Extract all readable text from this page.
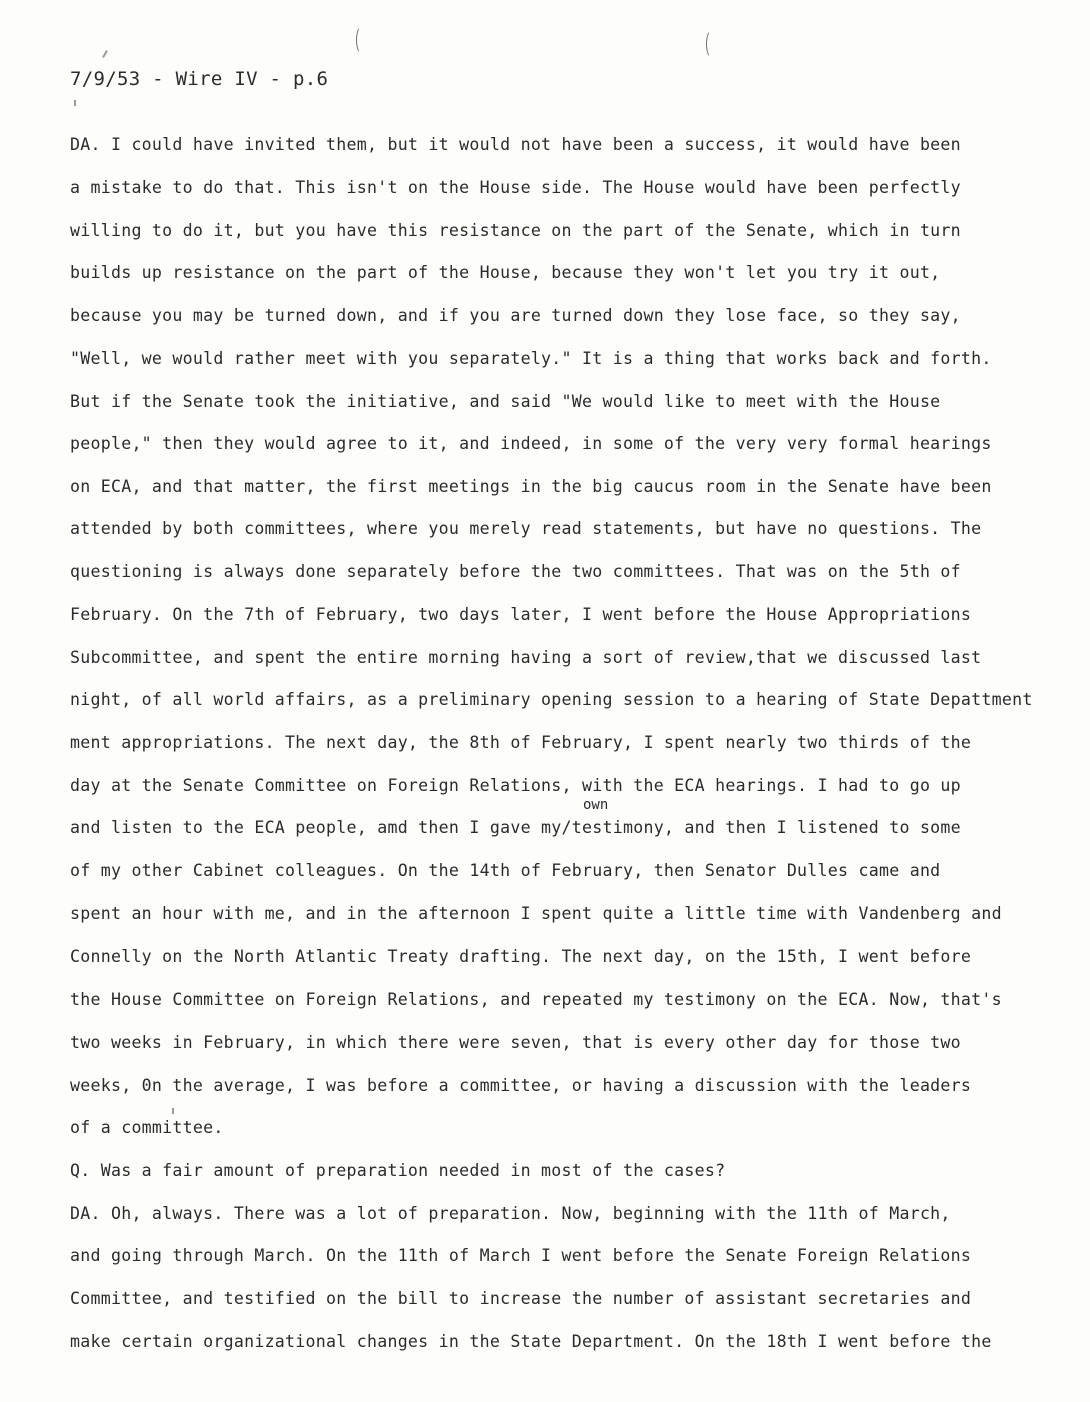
7/9/53 - Wire IV - p.6
own
DA. I could have invited them, but it would not have been a success, it would have been
a mistake to do that. This isn't on the House side. The House would have been perfectly
willing to do it, but you have this resistance on the part of the Senate, which in turn
builds up resistance on the part of the House, because they won't let you try it out,
because you may be turned down, and if you are turned down they lose face, so they say,
"Well, we would rather meet with you separately." It is a thing that works back and forth.
But if the Senate took the initiative, and said "We would like to meet with the House
people," then they would agree to it, and indeed, in some of the very very formal hearings
on ECA, and that matter, the first meetings in the big caucus room in the Senate have been
attended by both committees, where you merely read statements, but have no questions. The
questioning is always done separately before the two committees. That was on the 5th of
February. On the 7th of February, two days later, I went before the House Appropriations
Subcommittee, and spent the entire morning having a sort of review,that we discussed last
night, of all world affairs, as a preliminary opening session to a hearing of State Depattment
ment appropriations. The next day, the 8th of February, I spent nearly two thirds of the
day at the Senate Committee on Foreign Relations, with the ECA hearings. I had to go up
and listen to the ECA people, amd then I gave my/testimony, and then I listened to some
of my other Cabinet colleagues. On the 14th of February, then Senator Dulles came and
spent an hour with me, and in the afternoon I spent quite a little time with Vandenberg and
Connelly on the North Atlantic Treaty drafting. The next day, on the 15th, I went before
the House Committee on Foreign Relations, and repeated my testimony on the ECA. Now, that's
two weeks in February, in which there were seven, that is every other day for those two
weeks, 0n the average, I was before a committee, or having a discussion with the leaders
of a committee.
Q. Was a fair amount of preparation needed in most of the cases?
DA. Oh, always. There was a lot of preparation. Now, beginning with the 11th of March,
and going through March. On the 11th of March I went before the Senate Foreign Relations
Committee, and testified on the bill to increase the number of assistant secretaries and
make certain organizational changes in the State Department. On the 18th I went before the
